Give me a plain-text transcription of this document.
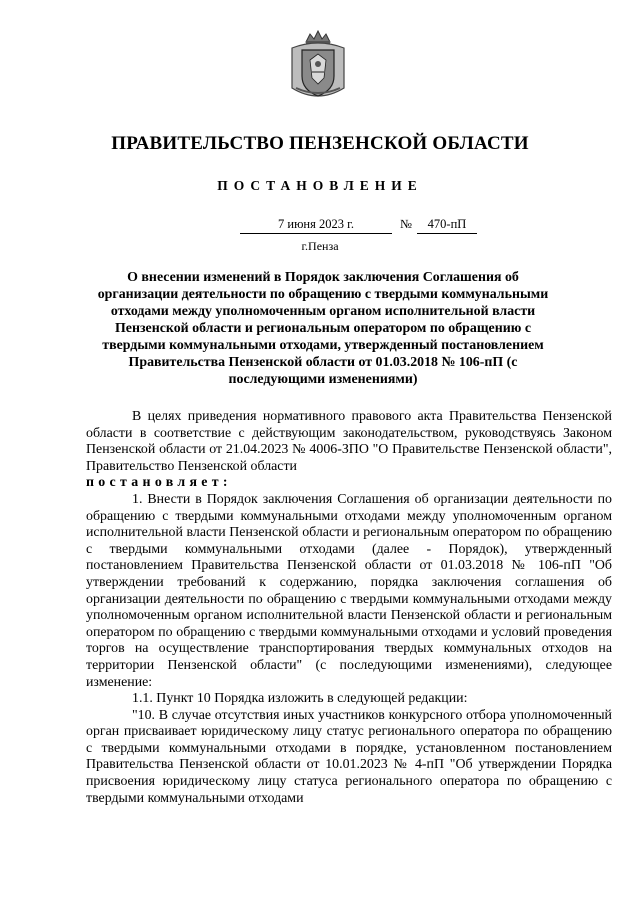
ПРАВИТЕЛЬСТВО ПЕНЗЕНСКОЙ ОБЛАСТИ
ПОСТАНОВЛЕНИЕ
7 июня 2023 г.	№	470-пП
г.Пенза
О внесении изменений в Порядок заключения Соглашения об организации деятельности по обращению с твердыми коммунальными отходами между уполномоченным органом исполнительной власти Пензенской области и региональным оператором по обращению с твердыми коммунальными отходами, утвержденный постановлением Правительства Пензенской области от 01.03.2018 № 106-пП (с последующими изменениями)

В целях приведения нормативного правового акта Правительства Пензенской области в соответствие с действующим законодательством, руководствуясь Законом Пензенской области от 21.04.2023 № 4006-ЗПО "О Правительстве Пензенской области", Правительство Пензенской области

постановляет:

1. Внести в Порядок заключения Соглашения об организации деятельности по обращению с твердыми коммунальными отходами между уполномоченным органом исполнительной власти Пензенской области и региональным оператором по обращению с твердыми коммунальными отходами (далее - Порядок), утвержденный постановлением Правительства Пензенской области от 01.03.2018 № 106-пП "Об утверждении требований к содержанию, порядка заключения соглашения об организации деятельности по обращению с твердыми коммунальными отходами между уполномоченным органом исполнительной власти Пензенской области и региональным оператором по обращению с твердыми коммунальными отходами и условий проведения торгов на осуществление транспортирования твердых коммунальных отходов на территории Пензенской области" (с последующими изменениями), следующее изменение:

1.1. Пункт 10 Порядка изложить в следующей редакции:

"10. В случае отсутствия иных участников конкурсного отбора уполномоченный орган присваивает юридическому лицу статус регионального оператора по обращению с твердыми коммунальными отходами в порядке, установленном постановлением Правительства Пензенской области от 10.01.2023 № 4-пП "Об утверждении Порядка присвоения юридическому лицу статуса регионального оператора по обращению с твердыми коммунальными отходами
